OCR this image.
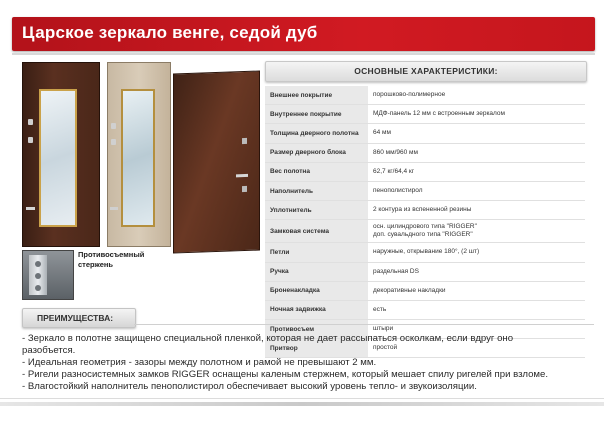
Царское зеркало венге, седой дуб
Противосъемный стержень
ОСНОВНЫЕ ХАРАКТЕРИСТИКИ:
Внешнее покрытие	порошково-полимерное
Внутреннее покрытие	МДФ-панель 12 мм с встроенным зеркалом
Толщина дверного полотна	64 мм
Размер дверного блока	860 мм/960 мм
Вес полотна	62,7 кг/64,4 кг
Наполнитель	пенополистирол
Уплотнитель	2 контура из вспененной резины
Замковая система
осн. цилиндрового типа "RIGGER"
доп. сувальдного типа "RIGGER"
Петли	наружные, открывание 180°, (2 шт)
Ручка	раздельная DS
Броненакладка	декоративные накладки
Ночная задвижка	есть
Противосъем	штыри
Притвор	простой
ПРЕИМУЩЕСТВА:
- Зеркало в полотне защищено специальной пленкой, которая не дает рассыпаться осколкам, если вдруг оно
разобъется.
- Идеальная геометрия - зазоры между полотном и рамой не превышают 2 мм.
- Ригели разносистемных замков RIGGER оснащены каленым стержнем, который мешает спилу ригелей при взломе.
- Влагостойкий наполнитель пенополистирол обеспечивает высокий уровень тепло- и звукоизоляции.
